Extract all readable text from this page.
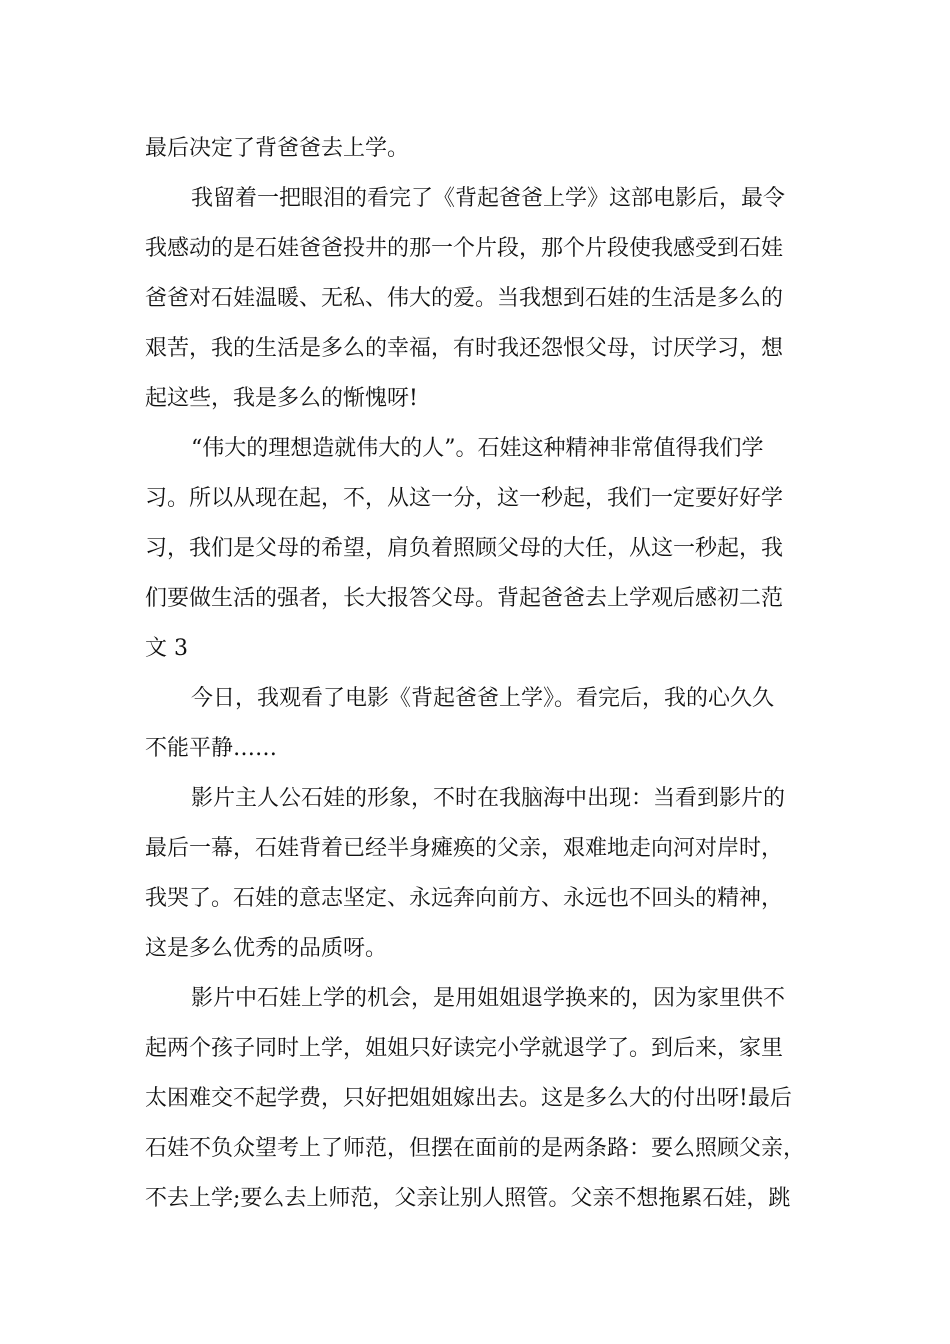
最后决定了背爸爸去上学。
我留着一把眼泪的看完了《背起爸爸上学》这部电影后，最令
我感动的是石娃爸爸投井的那一个片段，那个片段使我感受到石娃
爸爸对石娃温暖、无私、伟大的爱。当我想到石娃的生活是多么的
艰苦，我的生活是多么的幸福，有时我还怨恨父母，讨厌学习，想
起这些，我是多么的惭愧呀!
“伟大的理想造就伟大的人”。石娃这种精神非常值得我们学
习。所以从现在起，不，从这一分，这一秒起，我们一定要好好学
习，我们是父母的希望，肩负着照顾父母的大任，从这一秒起，我
们要做生活的强者，长大报答父母。背起爸爸去上学观后感初二范
文 3
今日，我观看了电影《背起爸爸上学》。看完后，我的心久久
不能平静……
影片主人公石娃的形象，不时在我脑海中出现：当看到影片的
最后一幕，石娃背着已经半身瘫痪的父亲，艰难地走向河对岸时，
我哭了。石娃的意志坚定、永远奔向前方、永远也不回头的精神，
这是多么优秀的品质呀。
影片中石娃上学的机会，是用姐姐退学换来的，因为家里供不
起两个孩子同时上学，姐姐只好读完小学就退学了。到后来，家里
太困难交不起学费，只好把姐姐嫁出去。这是多么大的付出呀!最后
石娃不负众望考上了师范，但摆在面前的是两条路：要么照顾父亲，
不去上学;要么去上师范，父亲让别人照管。父亲不想拖累石娃，跳
